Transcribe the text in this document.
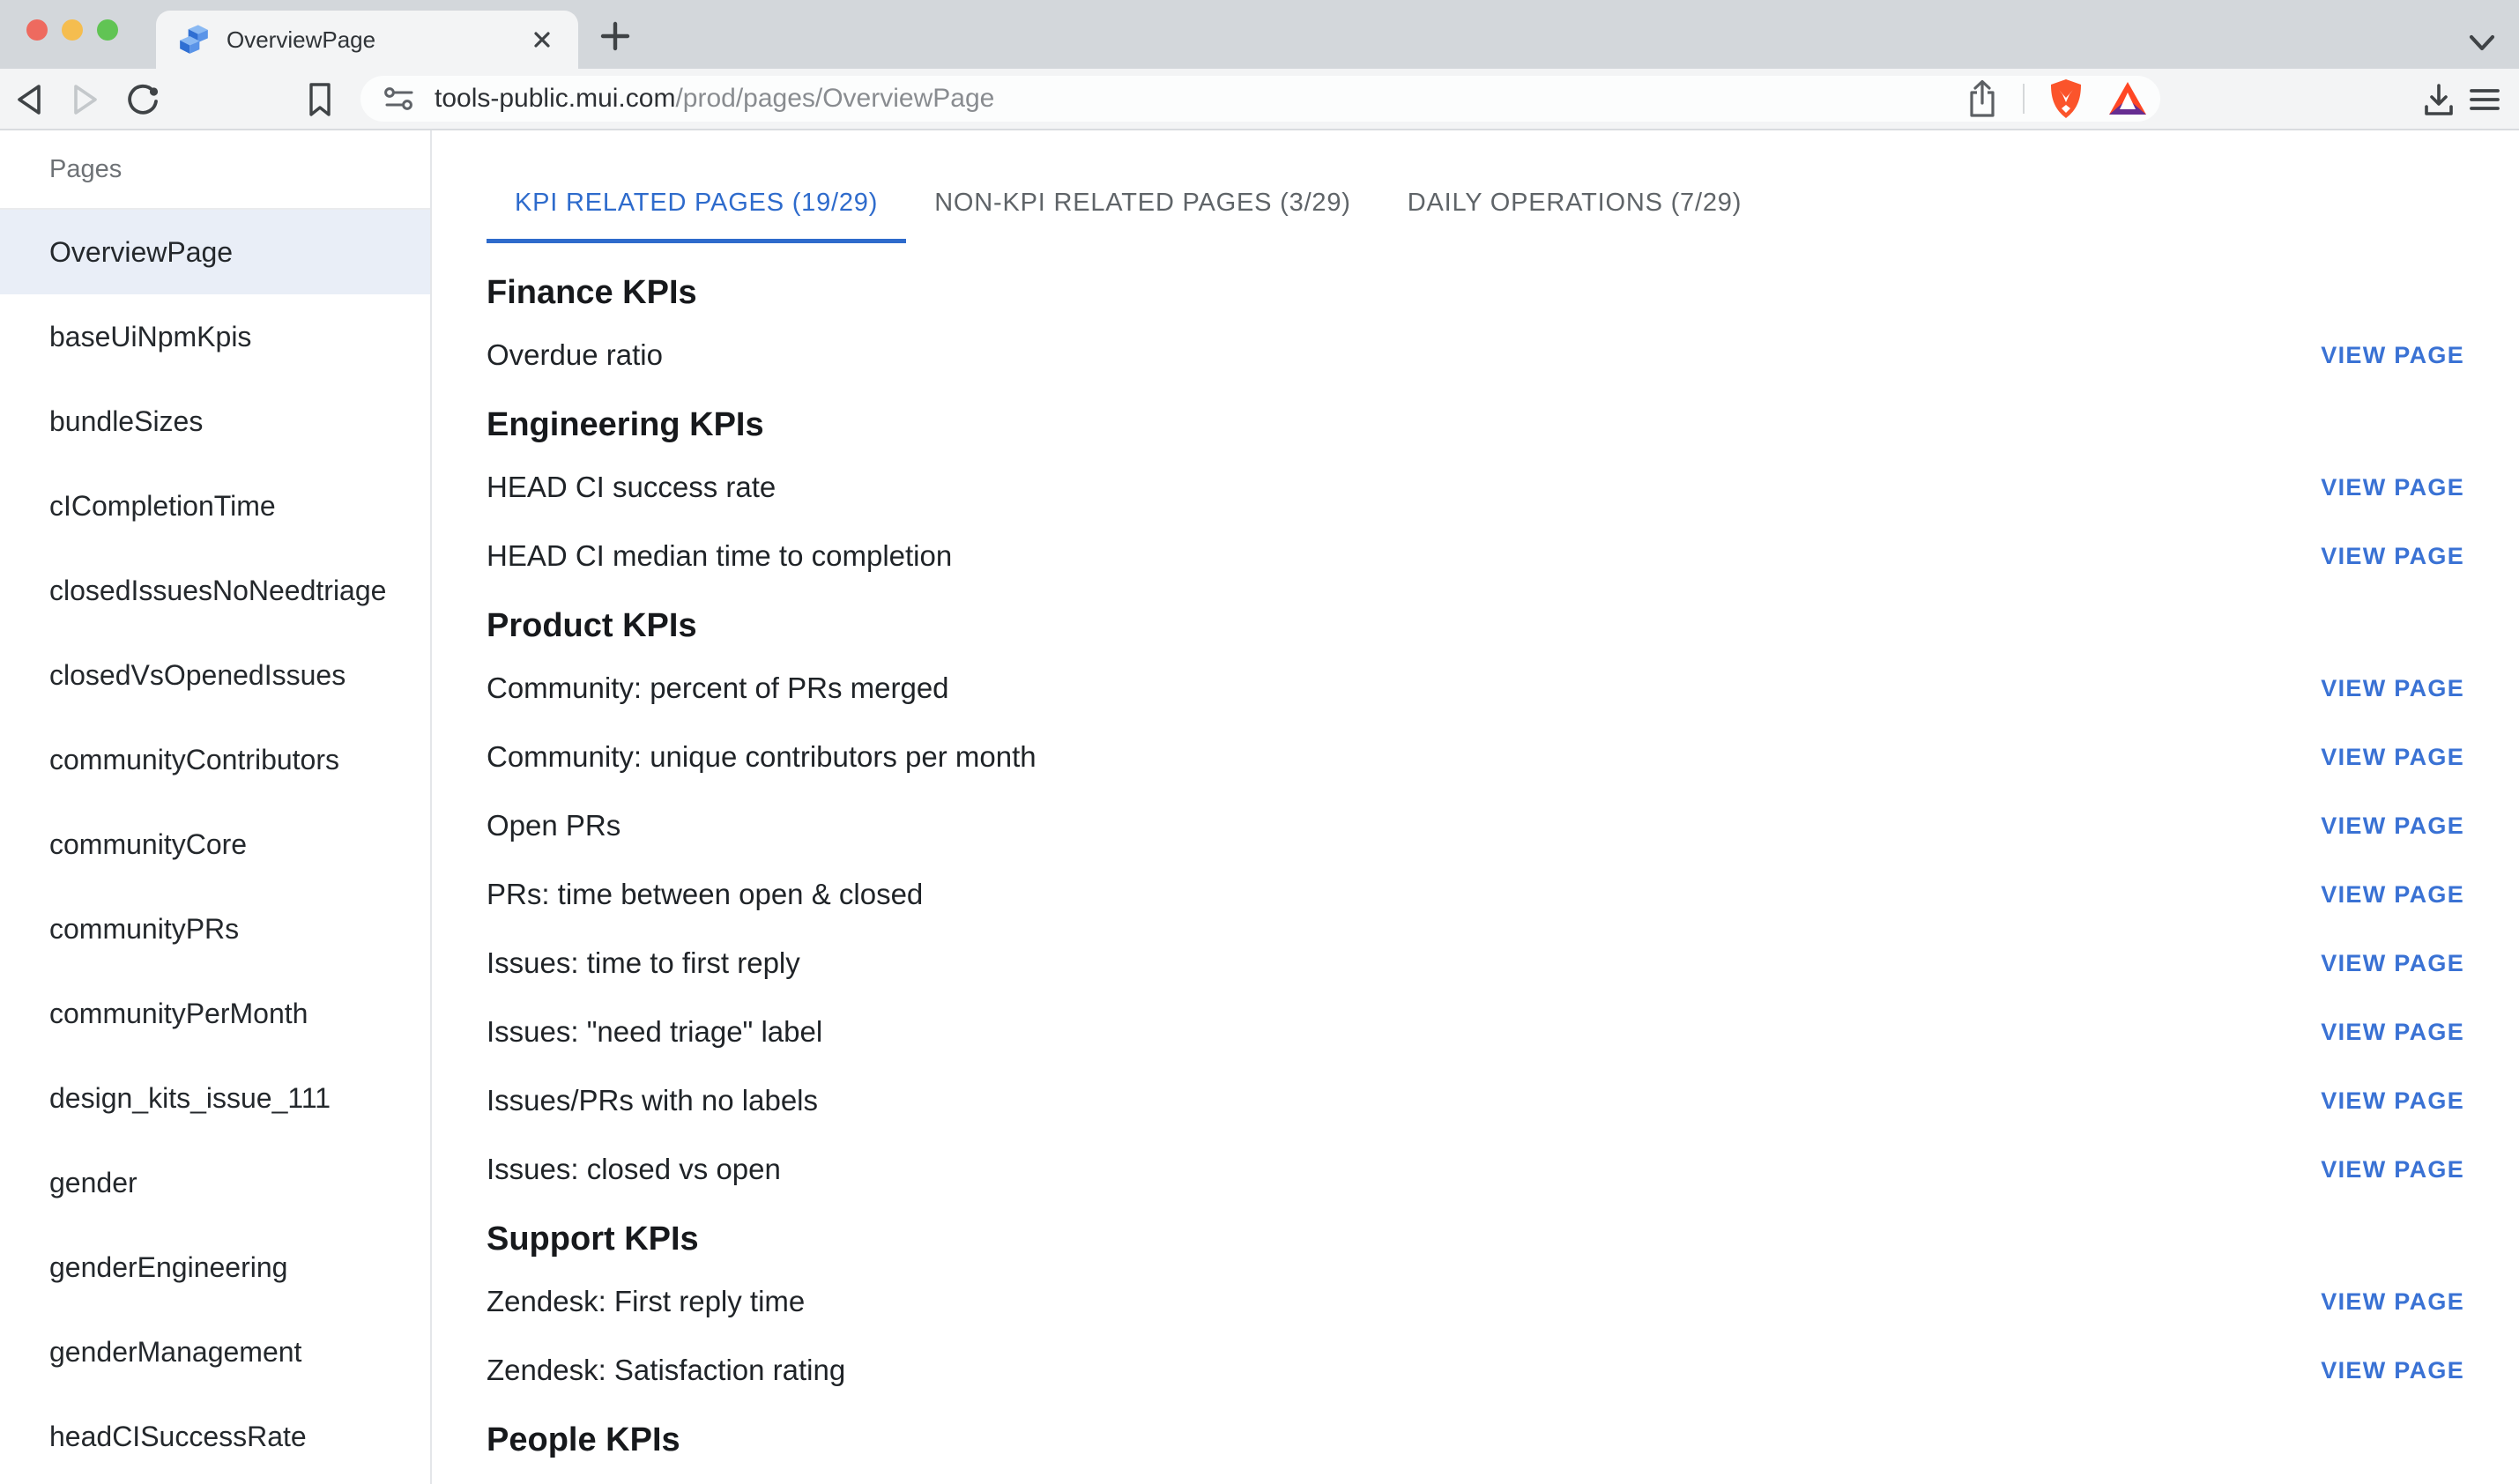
OverviewPage
tools-public.mui.com/prod/pages/OverviewPage
Pages
OverviewPage
baseUiNpmKpis
bundleSizes
cICompletionTime
closedIssuesNoNeedtriage
closedVsOpenedIssues
communityContributors
communityCore
communityPRs
communityPerMonth
design_kits_issue_111
gender
genderEngineering
genderManagement
headCISuccessRate
KPI RELATED PAGES (19/29) NON-KPI RELATED PAGES (3/29) DAILY OPERATIONS (7/29)
Finance KPIs
Overdue ratio	VIEW PAGE
Engineering KPIs
HEAD CI success rate	VIEW PAGE
HEAD CI median time to completion	VIEW PAGE
Product KPIs
Community: percent of PRs merged	VIEW PAGE
Community: unique contributors per month	VIEW PAGE
Open PRs	VIEW PAGE
PRs: time between open & closed	VIEW PAGE
Issues: time to first reply	VIEW PAGE
Issues: "need triage" label	VIEW PAGE
Issues/PRs with no labels	VIEW PAGE
Issues: closed vs open	VIEW PAGE
Support KPIs
Zendesk: First reply time	VIEW PAGE
Zendesk: Satisfaction rating	VIEW PAGE
People KPIs
